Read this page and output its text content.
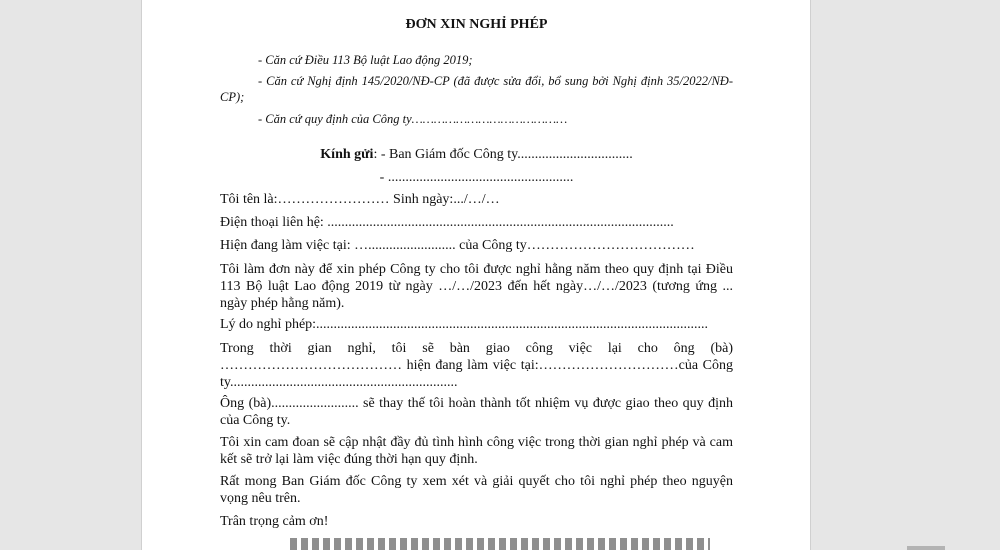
ĐƠN XIN NGHỈ PHÉP
- Căn cứ Điều 113 Bộ luật Lao động 2019;
- Căn cứ Nghị định 145/2020/NĐ-CP (đã được sửa đổi, bổ sung bởi Nghị định 35/2022/NĐ-CP);
- Căn cứ quy định của Công ty……………………………………
Kính gửi: - Ban Giám đốc Công ty.................................
- .....................................................
Tôi tên là:…………………… Sinh ngày:.../…/…
Điện thoại liên hệ: ...................................................................................................
Hiện đang làm việc tại: …......................... của Công ty………………………………
Tôi làm đơn này để xin phép Công ty cho tôi được nghỉ hằng năm theo quy định tại Điều 113 Bộ luật Lao động 2019 từ ngày …/…/2023 đến hết ngày…/…/2023 (tương ứng ... ngày phép hằng năm).
Lý do nghỉ phép:................................................................................................................
Trong thời gian nghỉ, tôi sẽ bàn giao công việc lại cho ông (bà) ………………………………… hiện đang làm việc tại:…………………………của Công ty.................................................................
Ông (bà)......................... sẽ thay thế tôi hoàn thành tốt nhiệm vụ được giao theo quy định của Công ty.
Tôi xin cam đoan sẽ cập nhật đầy đủ tình hình công việc trong thời gian nghỉ phép và cam kết sẽ trở lại làm việc đúng thời hạn quy định.
Rất mong Ban Giám đốc Công ty xem xét và giải quyết cho tôi nghỉ phép theo nguyện vọng nêu trên.
Trân trọng cảm ơn!
